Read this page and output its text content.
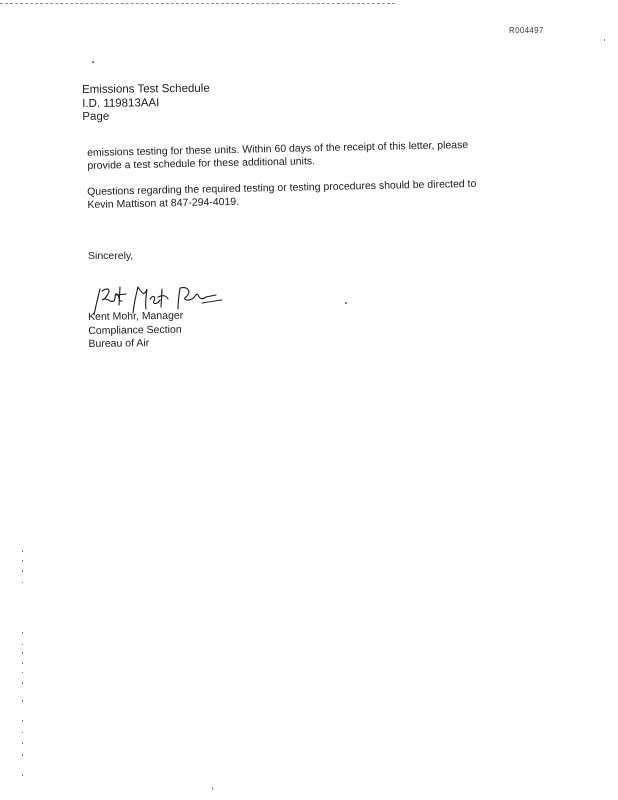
R004497
Emissions Test Schedule
I.D. 119813AAI
Page
emissions testing for these units. Within 60 days of the receipt of this letter, please
provide a test schedule for these additional units.
Questions regarding the required testing or testing procedures should be directed to
Kevin Mattison at 847-294-4019.
Sincerely,
Kent Mohr, Manager
Compliance Section
Bureau of Air
